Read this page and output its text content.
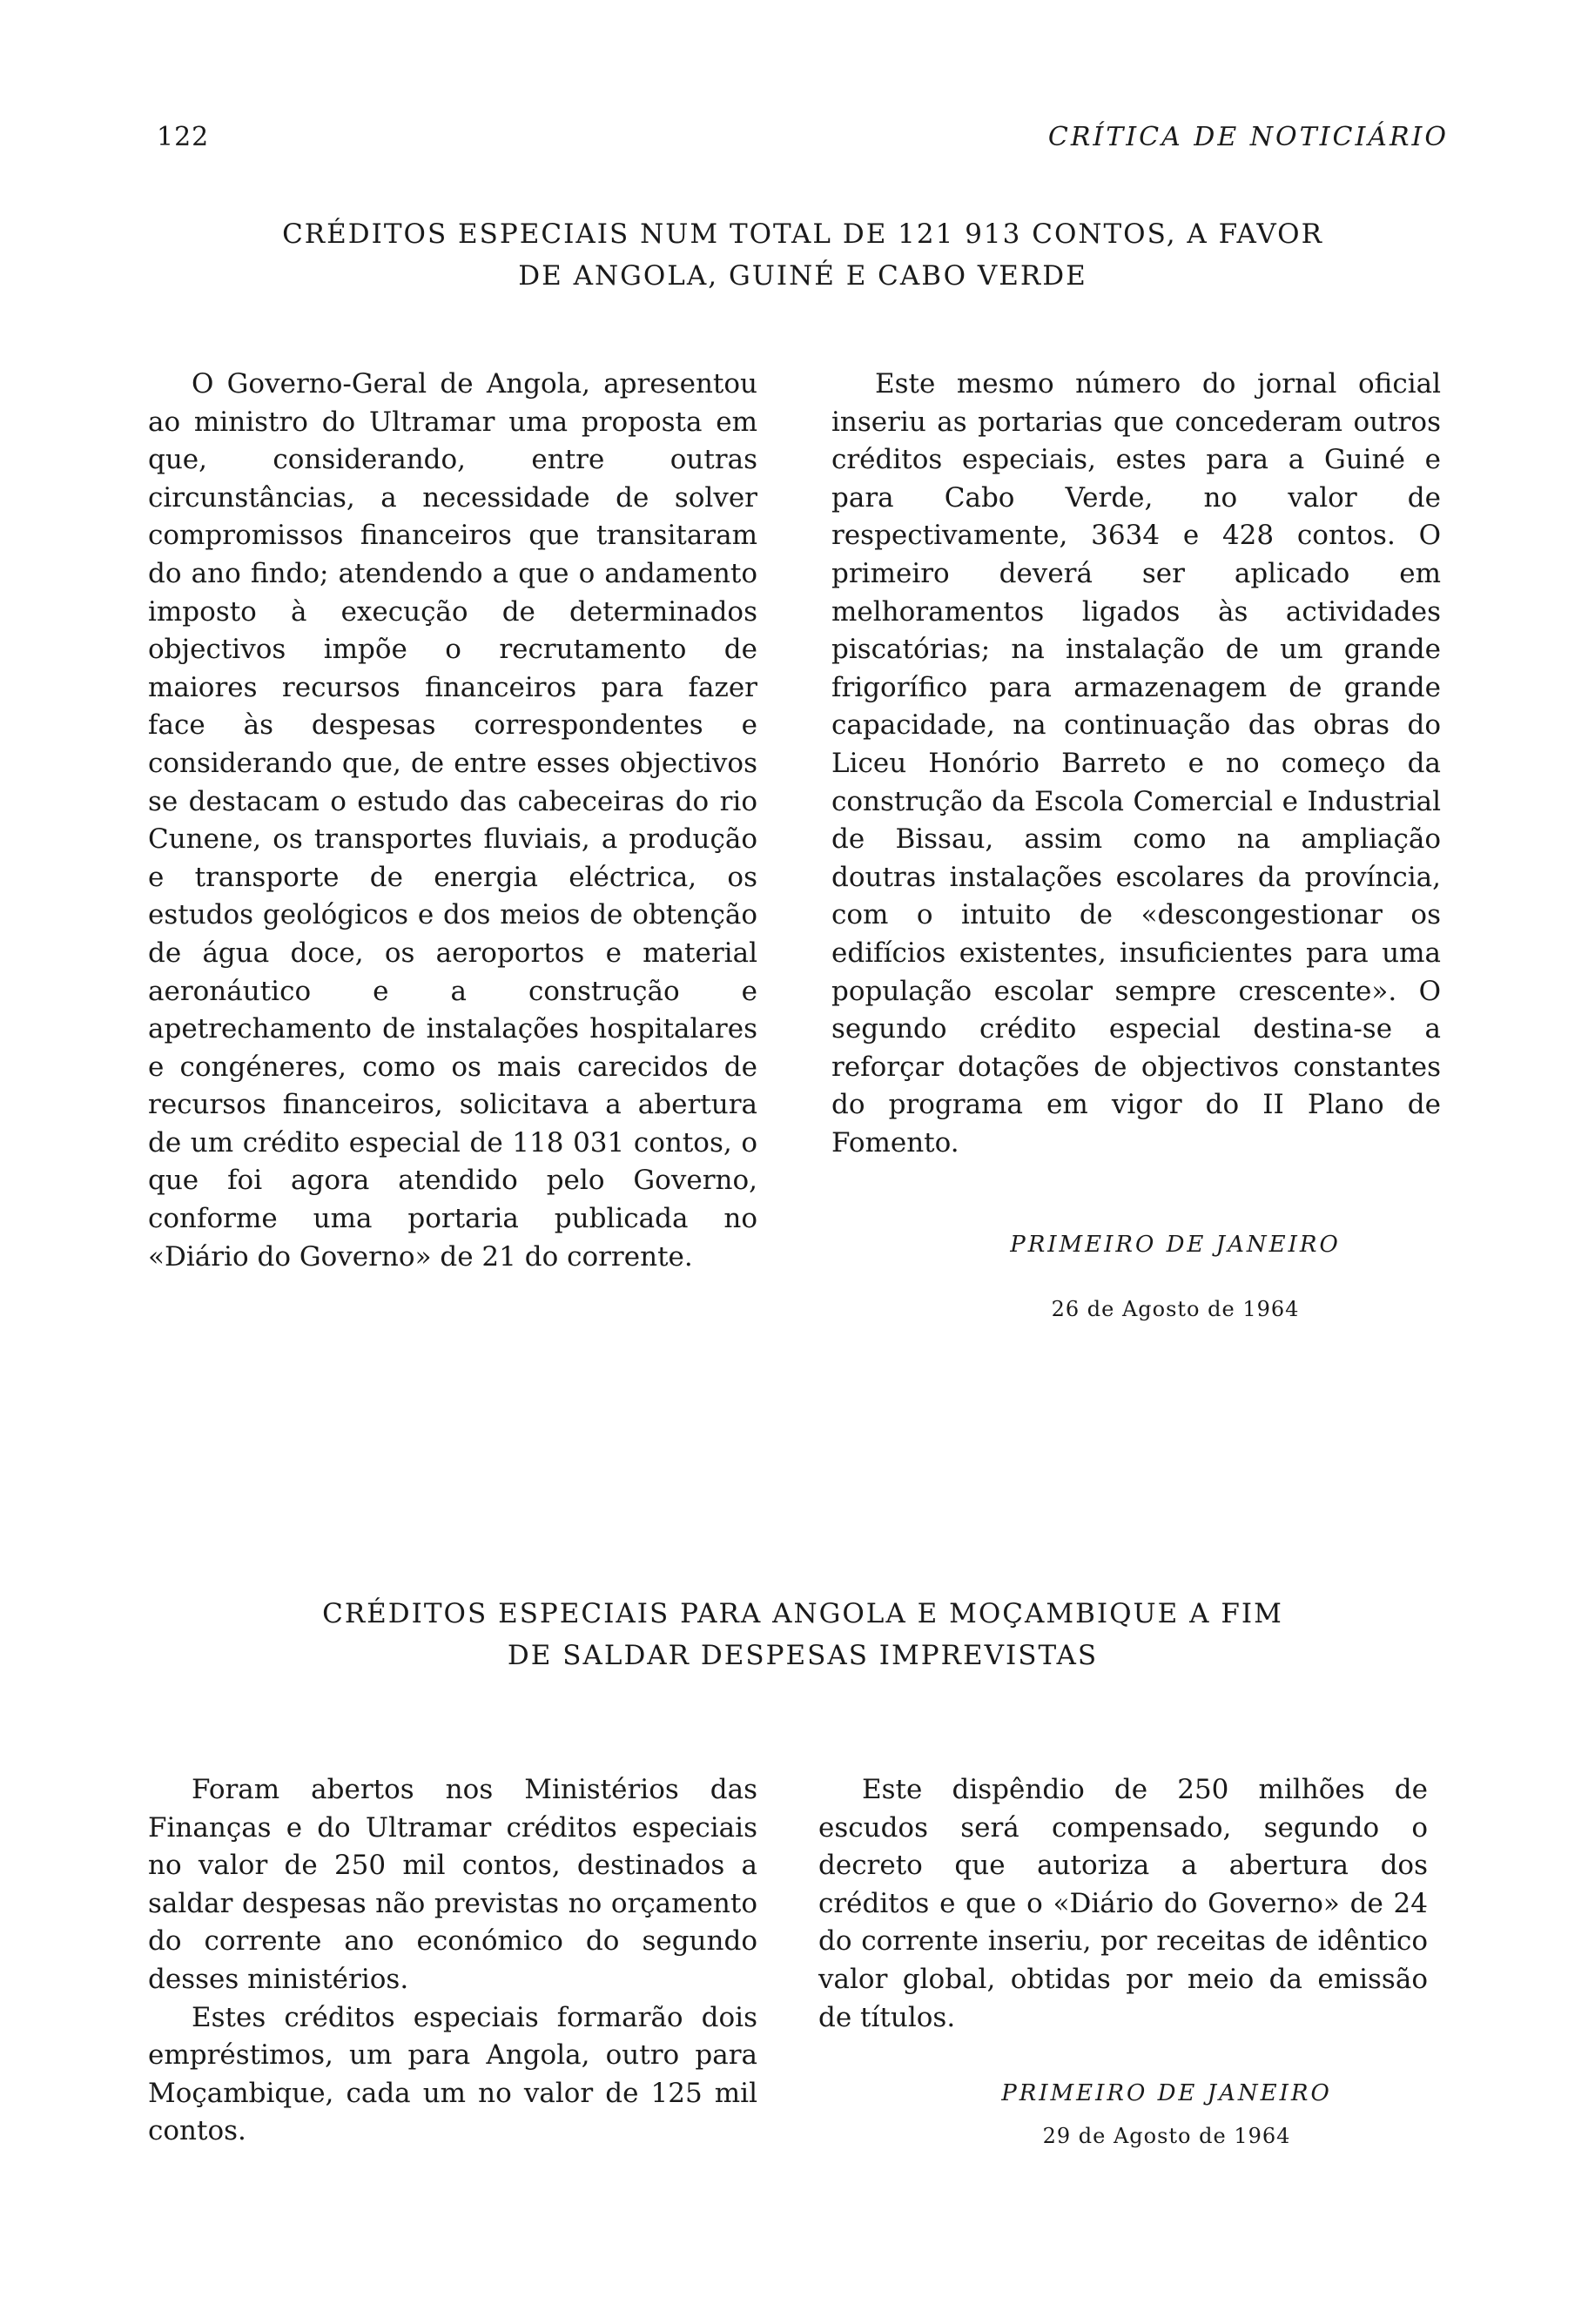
122	CRÍTICA DE NOTICIÁRIO
CRÉDITOS ESPECIAIS NUM TOTAL DE 121 913 CONTOS, A FAVOR
DE ANGOLA, GUINÉ E CABO VERDE

O Governo-Geral de Angola, apresentou ao ministro do Ultramar uma proposta em que, considerando, entre outras circunstâncias, a necessidade de solver compromissos financeiros que transitaram do ano findo; atendendo a que o andamento imposto à execução de determinados objectivos impõe o recrutamento de maiores recursos financeiros para fazer face às despesas correspondentes e considerando que, de entre esses objectivos se destacam o estudo das cabeceiras do rio Cunene, os transportes fluviais, a produção e transporte de energia eléctrica, os estudos geológicos e dos meios de obtenção de água doce, os aeroportos e material aeronáutico e a construção e apetrechamento de instalações hospitalares e congéneres, como os mais carecidos de recursos financeiros, solicitava a abertura de um crédito especial de 118 031 contos, o que foi agora atendido pelo Governo, conforme uma portaria publicada no «Diário do Governo» de 21 do corrente.

Este mesmo número do jornal oficial inseriu as portarias que concederam outros créditos especiais, estes para a Guiné e para Cabo Verde, no valor de respectivamente, 3634 e 428 contos. O primeiro deverá ser aplicado em melhoramentos ligados às actividades piscatórias; na instalação de um grande frigorífico para armazenagem de grande capacidade, na continuação das obras do Liceu Honório Barreto e no começo da construção da Escola Comercial e Industrial de Bissau, assim como na ampliação doutras instalações escolares da província, com o intuito de «descongestionar os edifícios existentes, insuficientes para uma população escolar sempre crescente». O segundo crédito especial destina-se a reforçar dotações de objectivos constantes do programa em vigor do II Plano de Fomento.

PRIMEIRO DE JANEIRO
26 de Agosto de 1964
CRÉDITOS ESPECIAIS PARA ANGOLA E MOÇAMBIQUE A FIM
DE SALDAR DESPESAS IMPREVISTAS

Foram abertos nos Ministérios das Finanças e do Ultramar créditos especiais no valor de 250 mil contos, destinados a saldar despesas não previstas no orçamento do corrente ano económico do segundo desses ministérios.

Estes créditos especiais formarão dois empréstimos, um para Angola, outro para Moçambique, cada um no valor de 125 mil contos.

Este dispêndio de 250 milhões de escudos será compensado, segundo o decreto que autoriza a abertura dos créditos e que o «Diário do Governo» de 24 do corrente inseriu, por receitas de idêntico valor global, obtidas por meio da emissão de títulos.

PRIMEIRO DE JANEIRO
29 de Agosto de 1964
